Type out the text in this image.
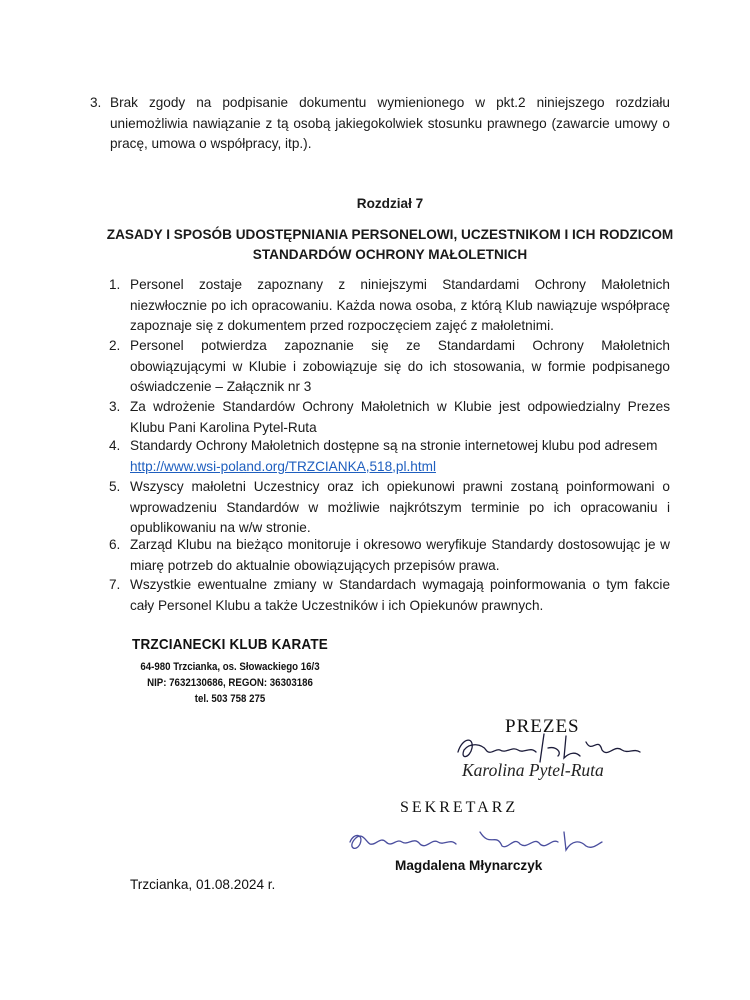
3. Brak zgody na podpisanie dokumentu wymienionego w pkt.2 niniejszego rozdziału uniemożliwia nawiązanie z tą osobą jakiegokolwiek stosunku prawnego (zawarcie umowy o pracę, umowa o współpracy, itp.).

Rozdział 7

ZASADY I SPOSÓB UDOSTĘPNIANIA PERSONELOWI, UCZESTNIKOM I ICH RODZICOM

STANDARDÓW OCHRONY MAŁOLETNICH

1. Personel zostaje zapoznany z niniejszymi Standardami Ochrony Małoletnich niezwłocznie po ich opracowaniu. Każda nowa osoba, z którą Klub nawiązuje współpracę zapoznaje się z dokumentem przed rozpoczęciem zajęć z małoletnimi.

2. Personel potwierdza zapoznanie się ze Standardami Ochrony Małoletnich obowiązującymi w Klubie i zobowiązuje się do ich stosowania, w formie podpisanego oświadczenie – Załącznik nr 3

3. Za wdrożenie Standardów Ochrony Małoletnich w Klubie jest odpowiedzialny Prezes Klubu Pani Karolina Pytel-Ruta

4. Standardy Ochrony Małoletnich dostępne są na stronie internetowej klubu pod adresem
http://www.wsi-poland.org/TRZCIANKA,518,pl.html

5. Wszyscy małoletni Uczestnicy oraz ich opiekunowi prawni zostaną poinformowani o wprowadzeniu Standardów w możliwie najkrótszym terminie po ich opracowaniu i opublikowaniu na w/w stronie.

6. Zarząd Klubu na bieżąco monitoruje i okresowo weryfikuje Standardy dostosowując je w miarę potrzeb do aktualnie obowiązujących przepisów prawa.

7. Wszystkie ewentualne zmiany w Standardach wymagają poinformowania o tym fakcie cały Personel Klubu a także Uczestników i ich Opiekunów prawnych.

TRZCIANECKI KLUB KARATE
64-980 Trzcianka, os. Słowackiego 16/3
NIP: 7632130686, REGON: 36303186
tel. 503 758 275
PREZES
Karolina Pytel-Ruta
SEKRETARZ
Magdalena Młynarczyk
Trzcianka, 01.08.2024 r.
